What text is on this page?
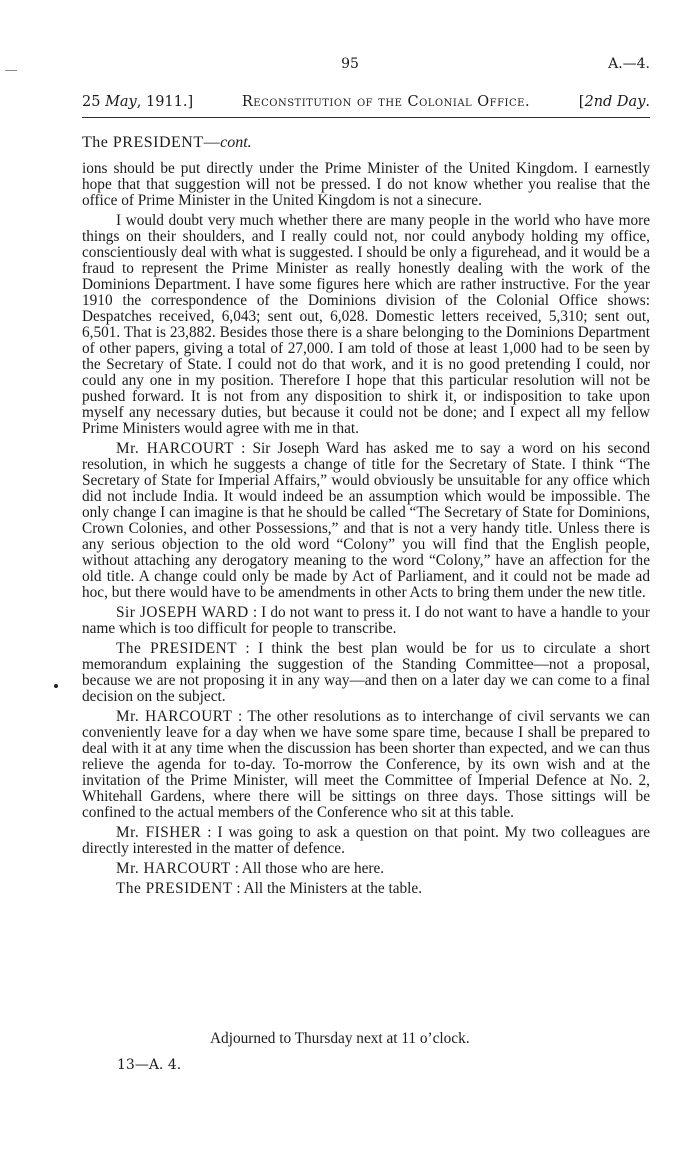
95	A.—4.
25 May, 1911.]	Reconstitution of the Colonial Office.	[2nd Day.

The PRESIDENT—cont.

ions should be put directly under the Prime Minister of the United Kingdom. I earnestly hope that that suggestion will not be pressed. I do not know whether you realise that the office of Prime Minister in the United Kingdom is not a sinecure.

I would doubt very much whether there are many people in the world who have more things on their shoulders, and I really could not, nor could anybody holding my office, conscientiously deal with what is suggested. I should be only a figurehead, and it would be a fraud to represent the Prime Minister as really honestly dealing with the work of the Dominions Department. I have some figures here which are rather instructive. For the year 1910 the correspondence of the Dominions division of the Colonial Office shows: Despatches received, 6,043; sent out, 6,028. Domestic letters received, 5,310; sent out, 6,501. That is 23,882. Besides those there is a share belonging to the Dominions Department of other papers, giving a total of 27,000. I am told of those at least 1,000 had to be seen by the Secretary of State. I could not do that work, and it is no good pretending I could, nor could any one in my position. Therefore I hope that this particular resolution will not be pushed forward. It is not from any disposition to shirk it, or indisposition to take upon myself any necessary duties, but because it could not be done; and I expect all my fellow Prime Ministers would agree with me in that.

Mr. HARCOURT : Sir Joseph Ward has asked me to say a word on his second resolution, in which he suggests a change of title for the Secretary of State. I think “The Secretary of State for Imperial Affairs,” would obviously be unsuitable for any office which did not include India. It would indeed be an assumption which would be impossible. The only change I can imagine is that he should be called “The Secretary of State for Dominions, Crown Colonies, and other Possessions,” and that is not a very handy title. Unless there is any serious objection to the old word “Colony” you will find that the English people, without attaching any derogatory meaning to the word “Colony,” have an affection for the old title. A change could only be made by Act of Parliament, and it could not be made ad hoc, but there would have to be amendments in other Acts to bring them under the new title.

Sir JOSEPH WARD : I do not want to press it. I do not want to have a handle to your name which is too difficult for people to transcribe.

The PRESIDENT : I think the best plan would be for us to circulate a short memorandum explaining the suggestion of the Standing Committee—not a proposal, because we are not proposing it in any way—and then on a later day we can come to a final decision on the subject.

Mr. HARCOURT : The other resolutions as to interchange of civil servants we can conveniently leave for a day when we have some spare time, because I shall be prepared to deal with it at any time when the discussion has been shorter than expected, and we can thus relieve the agenda for to-day. To-morrow the Conference, by its own wish and at the invitation of the Prime Minister, will meet the Committee of Imperial Defence at No. 2, Whitehall Gardens, where there will be sittings on three days. Those sittings will be confined to the actual members of the Conference who sit at this table.

Mr. FISHER : I was going to ask a question on that point. My two colleagues are directly interested in the matter of defence.

Mr. HARCOURT : All those who are here.

The PRESIDENT : All the Ministers at the table.

Adjourned to Thursday next at 11 o’clock.
13—A. 4.
